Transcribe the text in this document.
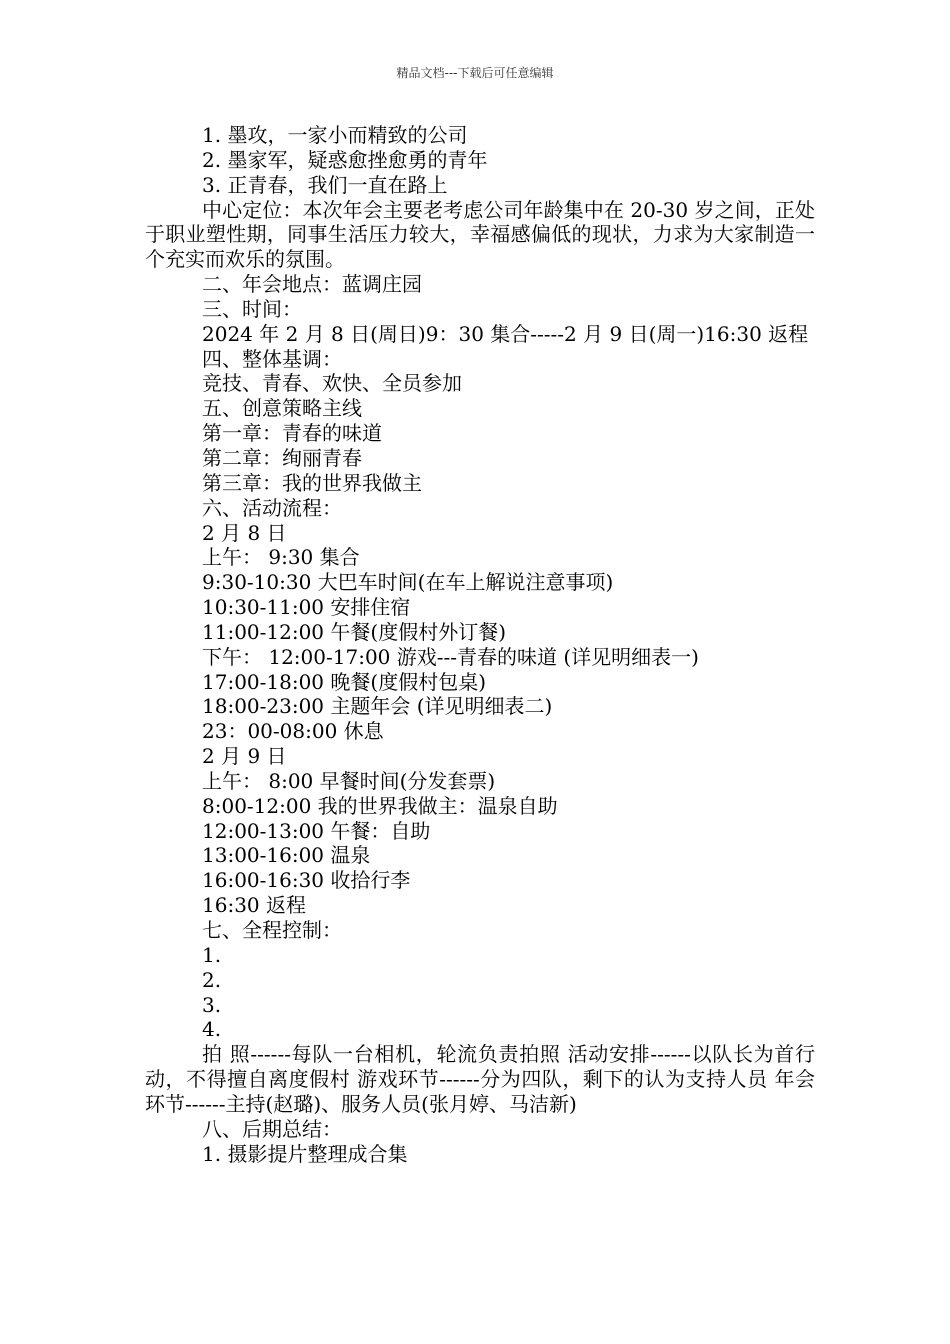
精品文档---下载后可任意编辑
1. 墨攻，一家小而精致的公司
2. 墨家军，疑惑愈挫愈勇的青年
3. 正青春，我们一直在路上
中心定位：本次年会主要老考虑公司年龄集中在 20-30 岁之间，正处于职业塑性期，同事生活压力较大，幸福感偏低的现状，力求为大家制造一个充实而欢乐的氛围。
二、年会地点：蓝调庄园
三、时间：
2024 年 2 月 8 日(周日)9：30 集合-----2 月 9 日(周一)16:30 返程
四、整体基调：
竞技、青春、欢快、全员参加
五、创意策略主线
第一章：青春的味道
第二章：绚丽青春
第三章：我的世界我做主
六、活动流程：
2 月 8 日
上午： 9:30 集合
9:30-10:30 大巴车时间(在车上解说注意事项)
10:30-11:00 安排住宿
11:00-12:00 午餐(度假村外订餐)
下午： 12:00-17:00 游戏---青春的味道 (详见明细表一)
17:00-18:00 晚餐(度假村包桌)
18:00-23:00 主题年会 (详见明细表二)
23：00-08:00 休息
2 月 9 日
上午： 8:00 早餐时间(分发套票)
8:00-12:00 我的世界我做主：温泉自助
12:00-13:00 午餐：自助
13:00-16:00 温泉
16:00-16:30 收拾行李
16:30 返程
七、全程控制：
1.
2.
3.
4.
拍 照------每队一台相机，轮流负责拍照 活动安排------以队长为首行动，不得擅自离度假村 游戏环节------分为四队，剩下的认为支持人员 年会环节------主持(赵璐)、服务人员(张月婷、马洁新)
八、后期总结：
1. 摄影提片整理成合集
